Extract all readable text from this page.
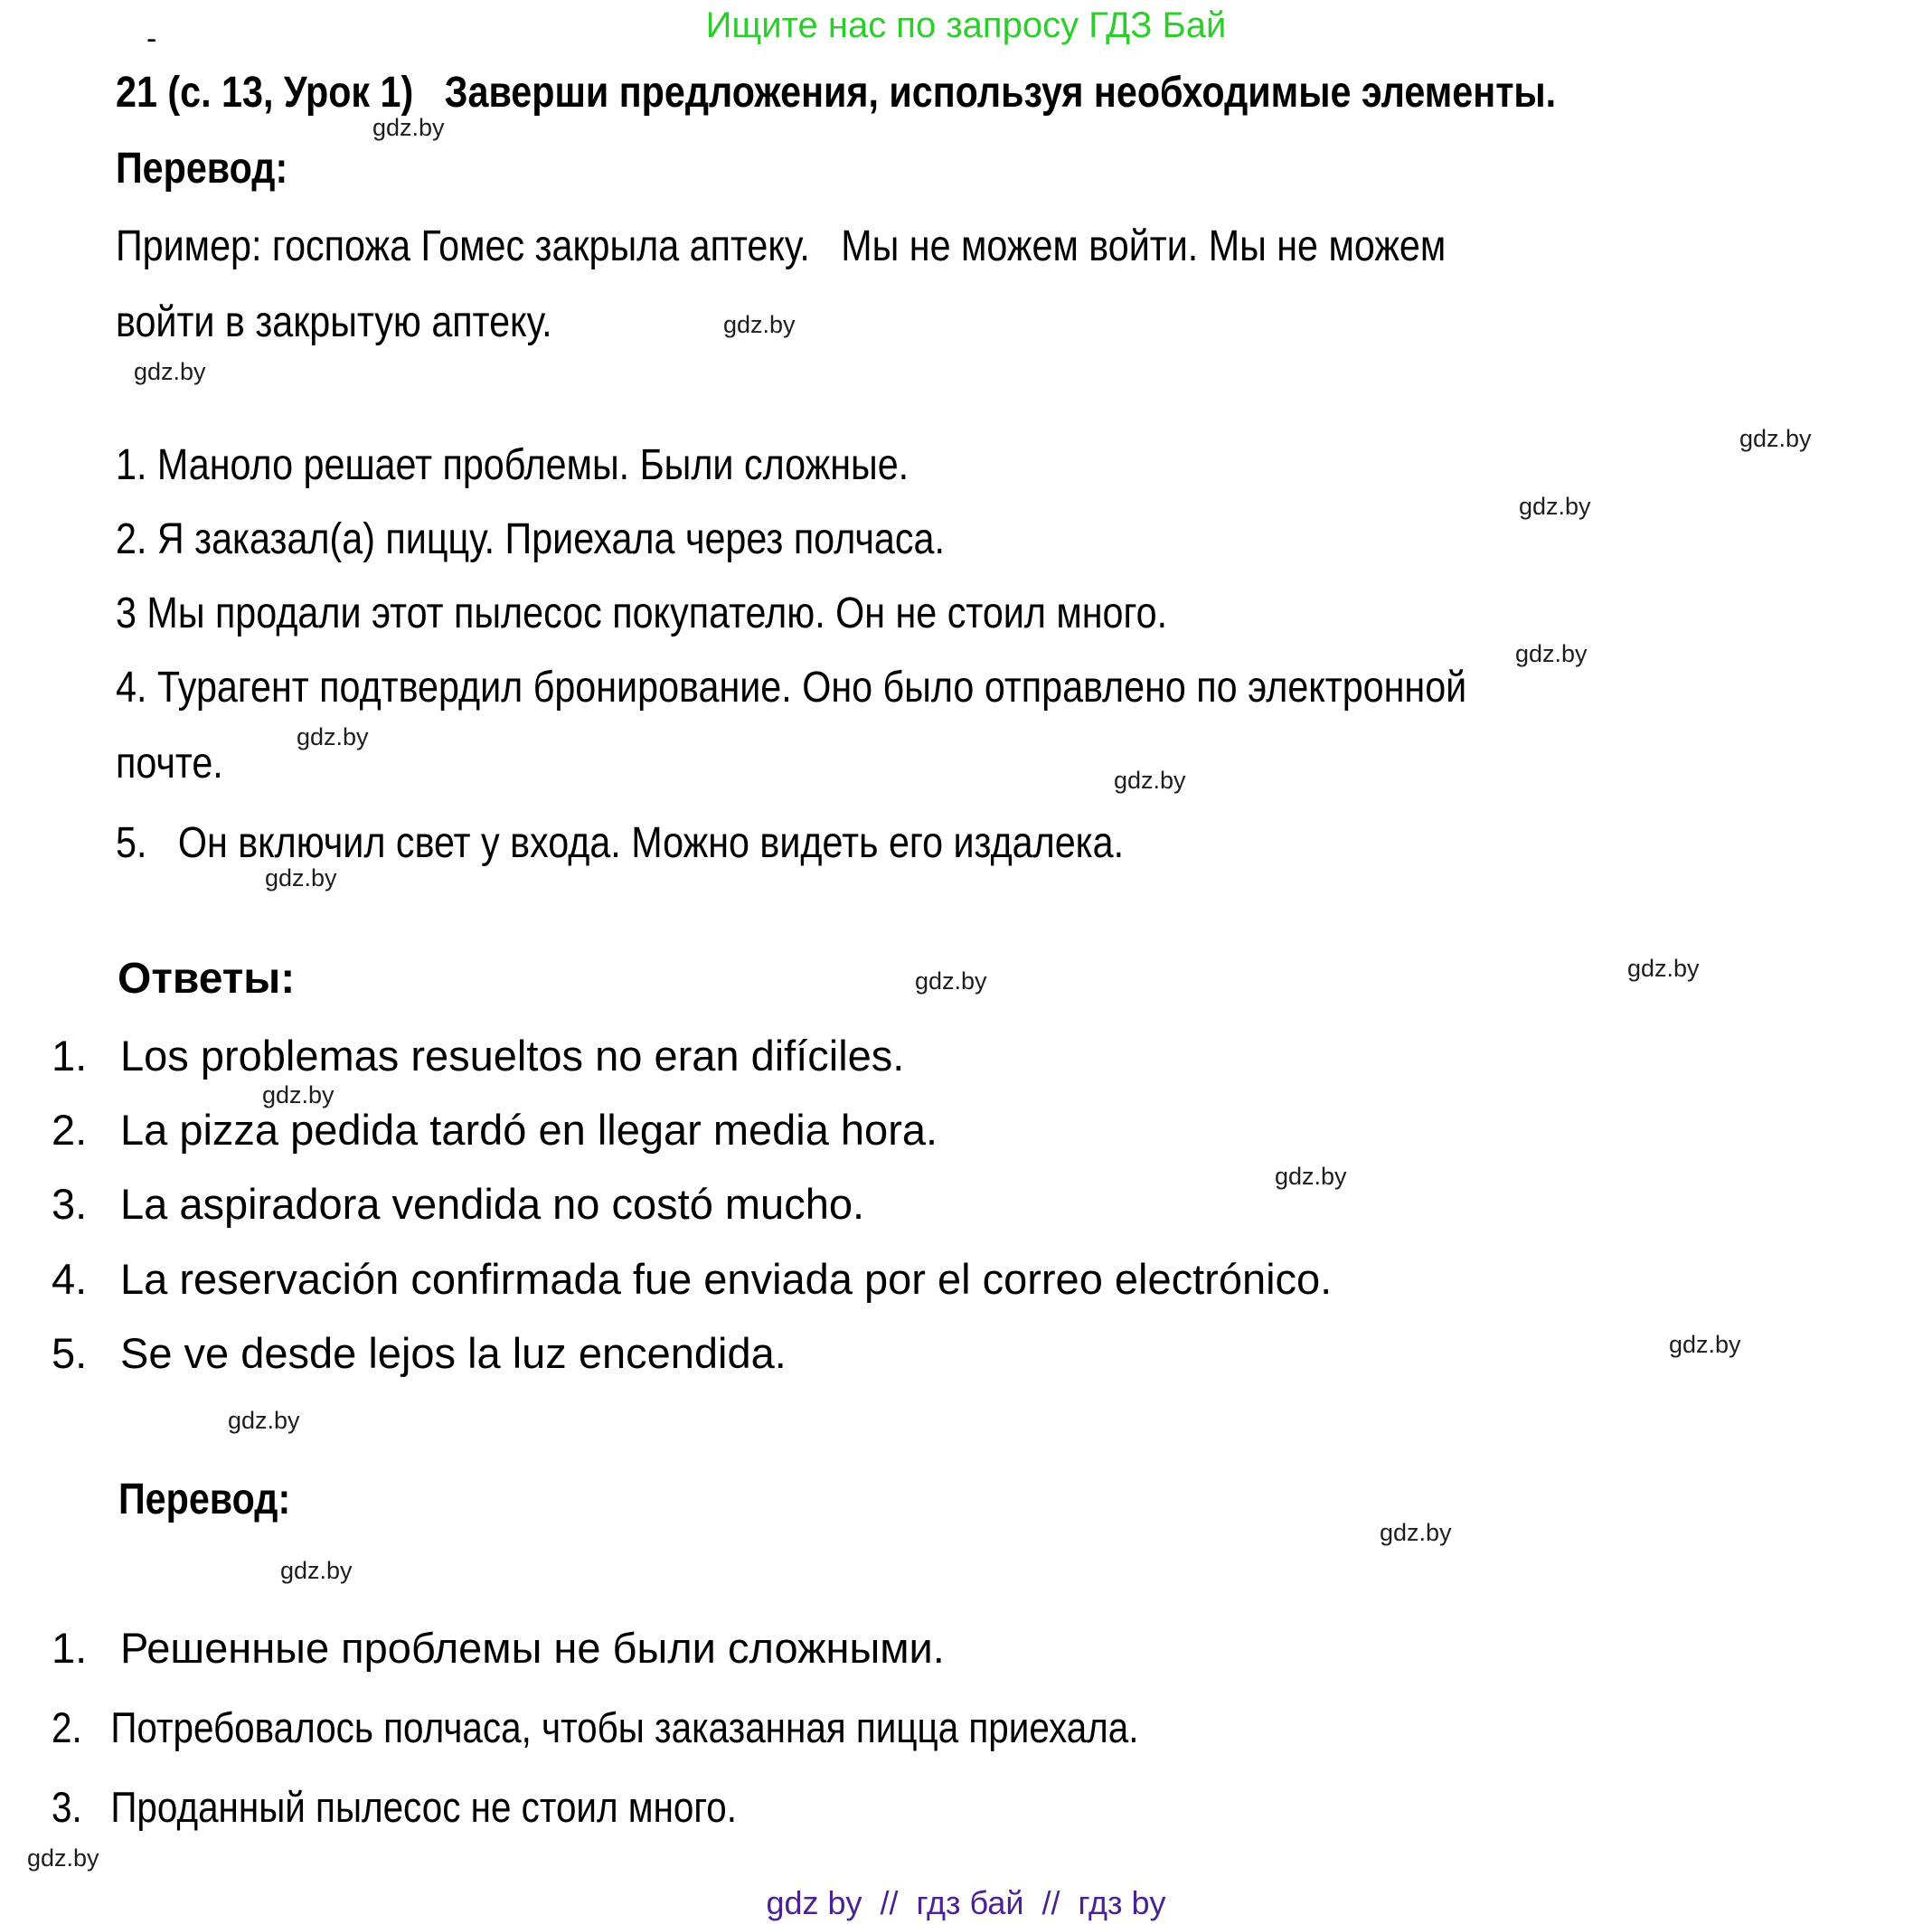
Ищите нас по запросу ГДЗ Бай
-
21 (с. 13, Урок 1)   Заверши предложения, используя необходимые элементы.
Перевод:
Пример: госпожа Гомес закрыла аптеку.   Мы не можем войти. Мы не можем
войти в закрытую аптеку.
1. Маноло решает проблемы. Были сложные.
2. Я заказал(а) пиццу. Приехала через полчаса.
3 Мы продали этот пылесос покупателю. Он не стоил много.
4. Турагент подтвердил бронирование. Оно было отправлено по электронной
почте.
5.   Он включил свет у входа. Можно видеть его издалека.
Ответы:
1. Los problemas resueltos no eran difíciles.
2. La pizza pedida tardó en llegar media hora.
3. La aspiradora vendida no costó mucho.
4. La reservación confirmada fue enviada por el correo electrónico.
5. Se ve desde lejos la luz encendida.
Перевод:
1. Решенные проблемы не были сложными.
2. Потребовалось полчаса, чтобы заказанная пицца приехала.
3. Проданный пылесос не стоил много.
gdz by  //  гдз бай  //  гдз by
gdz.by
gdz.by
gdz.by
gdz.by
gdz.by
gdz.by
gdz.by
gdz.by
gdz.by
gdz.by
gdz.by
gdz.by
gdz.by
gdz.by
gdz.by
gdz.by
gdz.by
gdz.by
